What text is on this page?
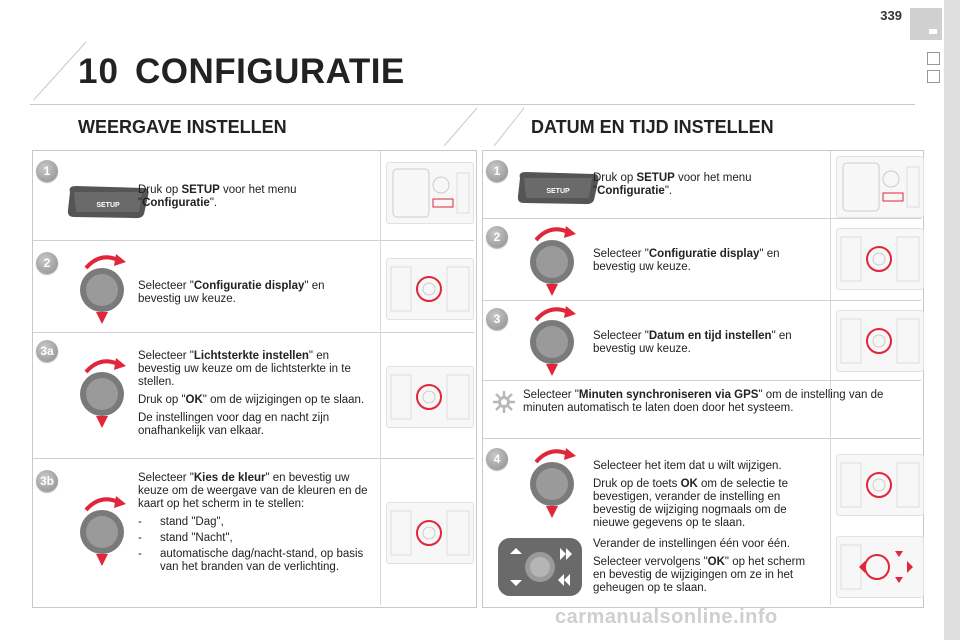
339
10 CONFIGURATIE
WEERGAVE INSTELLEN	DATUM EN TIJD INSTELLEN
1
SETUP
Druk op SETUP voor het menu "Configuratie".
2
Selecteer "Configuratie display" en bevestig uw keuze.
3a	Selecteer "Lichtsterkte instellen" en bevestig uw keuze om de lichtsterkte in te stellen.

Druk op "OK" om de wijzigingen op te slaan.

De instellingen voor dag en nacht zijn onafhankelijk van elkaar.

3b	Selecteer "Kies de kleur" en bevestig uw keuze om de weergave van de kleuren en de kaart op het scherm in te stellen:

- stand "Dag",
- stand "Nacht",
- automatische dag/nacht-stand, op basis van het branden van de verlichting.
1
SETUP
Druk op SETUP voor het menu "Configuratie".
2
Selecteer "Configuratie display" en bevestig uw keuze.
3
Selecteer "Datum en tijd instellen" en bevestig uw keuze.
Selecteer "Minuten synchroniseren via GPS" om de instelling van de minuten automatisch te laten doen door het systeem.
4	Selecteer het item dat u wilt wijzigen.

Druk op de toets OK om de selectie te bevestigen, verander de instelling en bevestig de wijziging nogmaals om de nieuwe gegevens op te slaan.

Verander de instellingen één voor één.

Selecteer vervolgens "OK" op het scherm en bevestig de wijzigingen om ze in het geheugen op te slaan.

carmanualsonline.info
